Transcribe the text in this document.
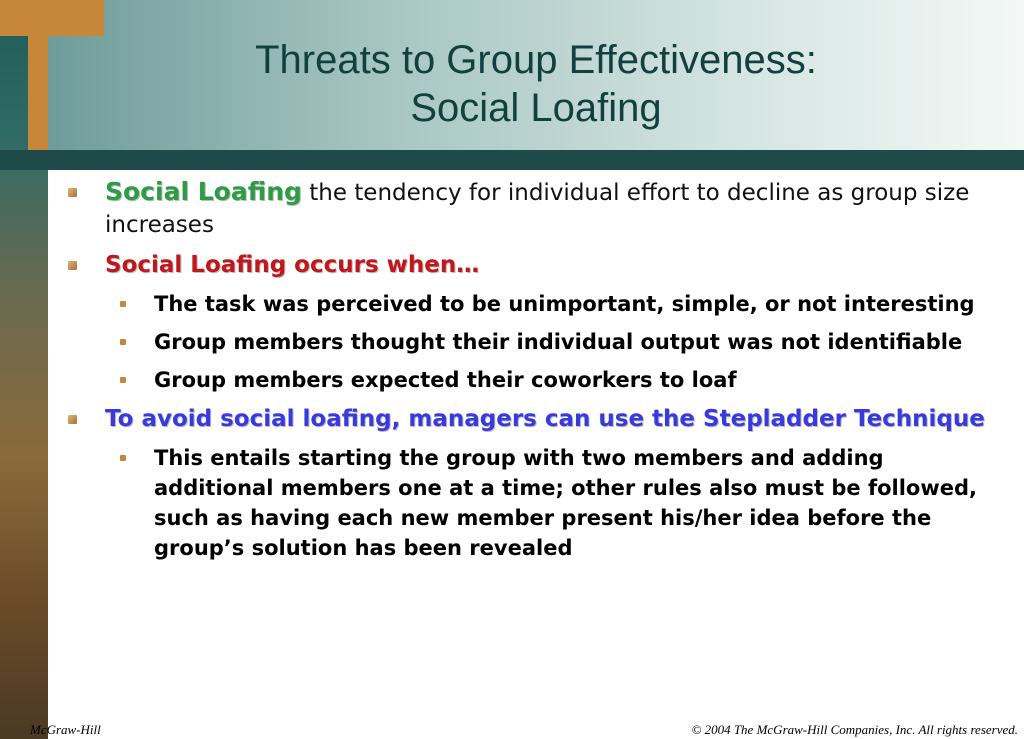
Threats to Group Effectiveness:
Social Loafing
Social Loafing the tendency for individual effort to decline as group size increases
Social Loafing occurs when…
The task was perceived to be unimportant, simple, or not interesting
Group members thought their individual output was not identifiable
Group members expected their coworkers to loaf
To avoid social loafing, managers can use the Stepladder Technique
This entails starting the group with two members and adding additional members one at a time; other rules also must be followed, such as having each new member present his/her idea before the group’s solution has been revealed
McGraw-Hill	© 2004 The McGraw-Hill Companies, Inc. All rights reserved.
